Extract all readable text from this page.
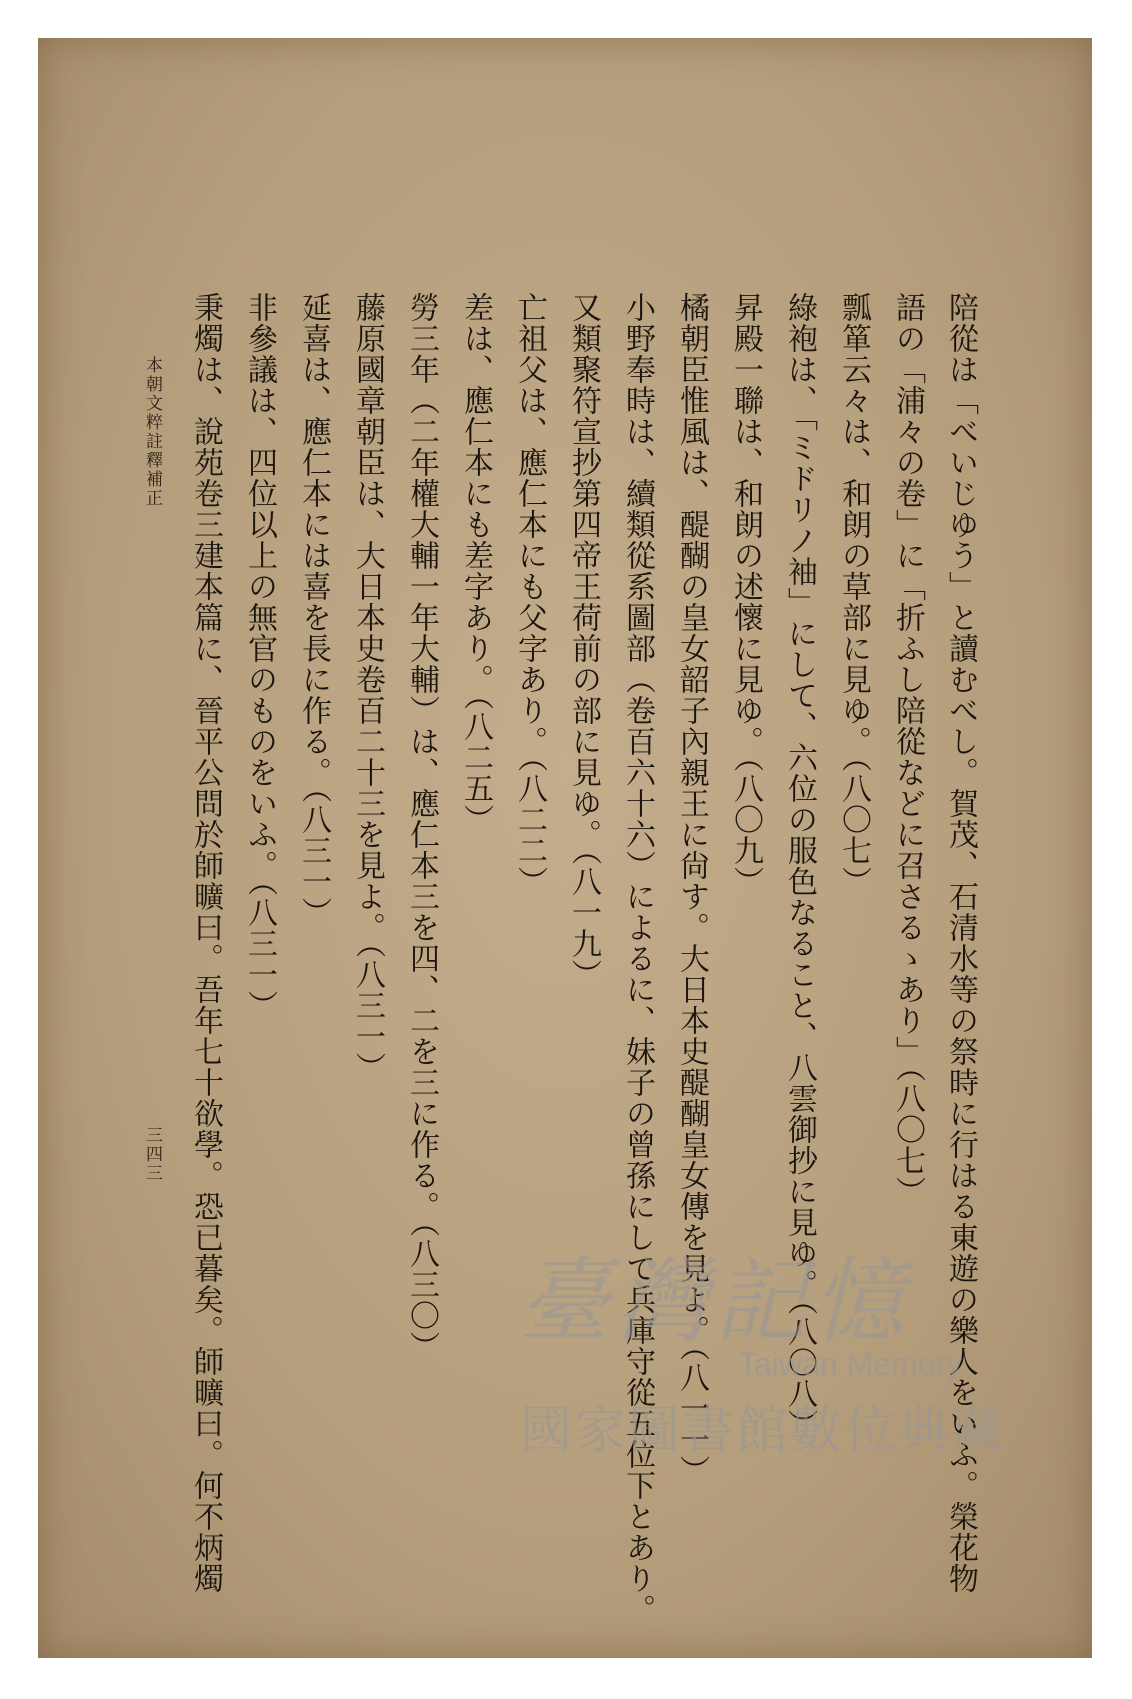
陪從は「べいじゆう」と讀むべし。賀茂、石清水等の祭時に行はる東遊の樂人をいふ。榮花物
語の「浦々の卷」に「折ふし陪從などに召さるゝあり」（八〇七）
瓢箪云々は、和朗の草部に見ゆ。（八〇七）
綠袍は、「ミドリノ袖」にして、六位の服色なること、八雲御抄に見ゆ。（八〇八）
昇殿一聯は、和朗の述懷に見ゆ。（八〇九）
橘朝臣惟風は、醍醐の皇女韶子內親王に尙す。大日本史醍醐皇女傳を見よ。（八一一）
小野奉時は、續類從系圖部（卷百六十六）によるに、妹子の曾孫にして兵庫守從五位下とあり。
又類聚符宣抄第四帝王荷前の部に見ゆ。（八一九）
亡祖父は、應仁本にも父字あり。（八二二）
差は、應仁本にも差字あり。（八二五）
勞三年（二年權大輔一年大輔）は、應仁本三を四、二を三に作る。（八三〇）
藤原國章朝臣は、大日本史卷百二十三を見よ。（八三一）
延喜は、應仁本には喜を長に作る。（八三一）
非參議は、四位以上の無官のものをいふ。（八三一）
秉燭は、說苑卷三建本篇に、晉平公問於師曠曰。吾年七十欲學。恐已暮矣。師曠曰。何不炳燭
本朝文粹註釋補正
三四三
臺灣記憶
Taiwan Memory
國家圖書館數位典藏
